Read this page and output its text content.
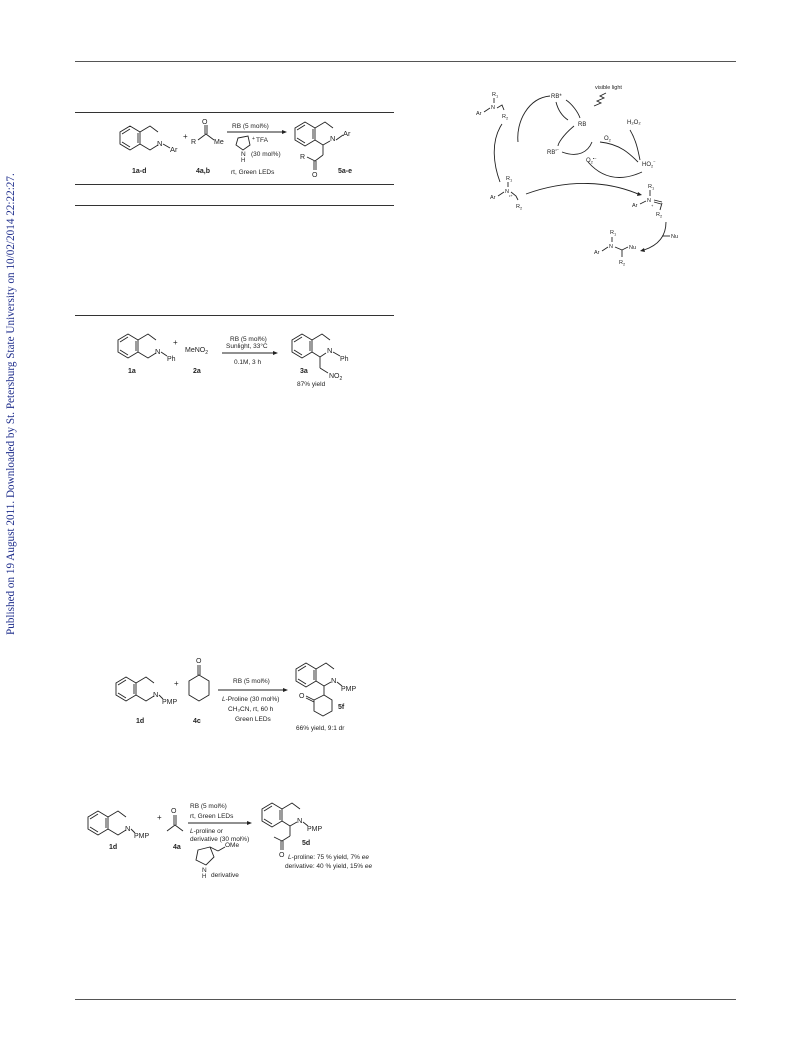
Published on 19 August 2011. Downloaded by St. Petersburg State University on 10/02/2014 22:22:27.
N
Ar
+
O
R	Me
RB (5 mol%)
+ TFA
N
H
(30 mol%)
rt, Green LEDs
N
Ar
R
O
1a-d	4a,b	5a-e
N
Ph
+
MeNO$_2$
RB (5 mol%)
Sunlight, 33°C
0.1M, 3 h
N
Ph
$NO_2$
1a	2a	3a
87% yield
$R_1$
N
Ar	$R_2$
RB*
visible light
RB
$O_2$
RB•−
$O_2^{•-}$
H₂O₂
$HO_2^-$
$R_1$
N
•+
Ar
$R_2$
$R_1$
N
+
Ar
$R_2$
Nu
$R_1$
N
Ar
Nu
$R_2$
N
PMP
+
O
RB (5 mol%)
L-Proline (30 mol%)
CH₃CN, rt, 60 h
Green LEDs
N
PMP
O
5f
1d	4c
66% yield, 9:1 dr
N
PMP
+
O
RB (5 mol%)
rt, Green LEDs
L-proline or
derivative (30 mol%)
OMe
N
H derivative
N
PMP
O
5d
L-proline: 75 % yield, 7% ee
derivative: 40 % yield, 15% ee
1d	4a
